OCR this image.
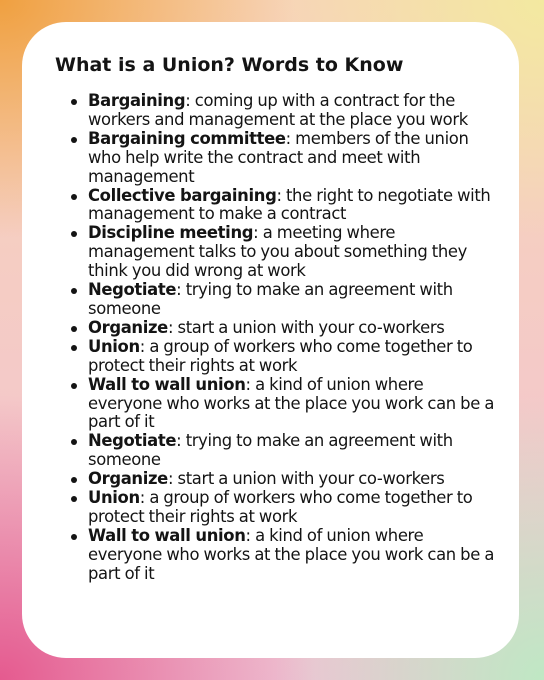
What is a Union? Words to Know
Bargaining: coming up with a contract for the workers and management at the place you work
Bargaining committee: members of the union who help write the contract and meet with management
Collective bargaining: the right to negotiate with management to make a contract
Discipline meeting: a meeting where management talks to you about something they think you did wrong at work
Negotiate: trying to make an agreement with someone
Organize: start a union with your co-workers
Union: a group of workers who come together to protect their rights at work
Wall to wall union: a kind of union where everyone who works at the place you work can be a part of it
Negotiate: trying to make an agreement with someone
Organize: start a union with your co-workers
Union: a group of workers who come together to protect their rights at work
Wall to wall union: a kind of union where everyone who works at the place you work can be a part of it
